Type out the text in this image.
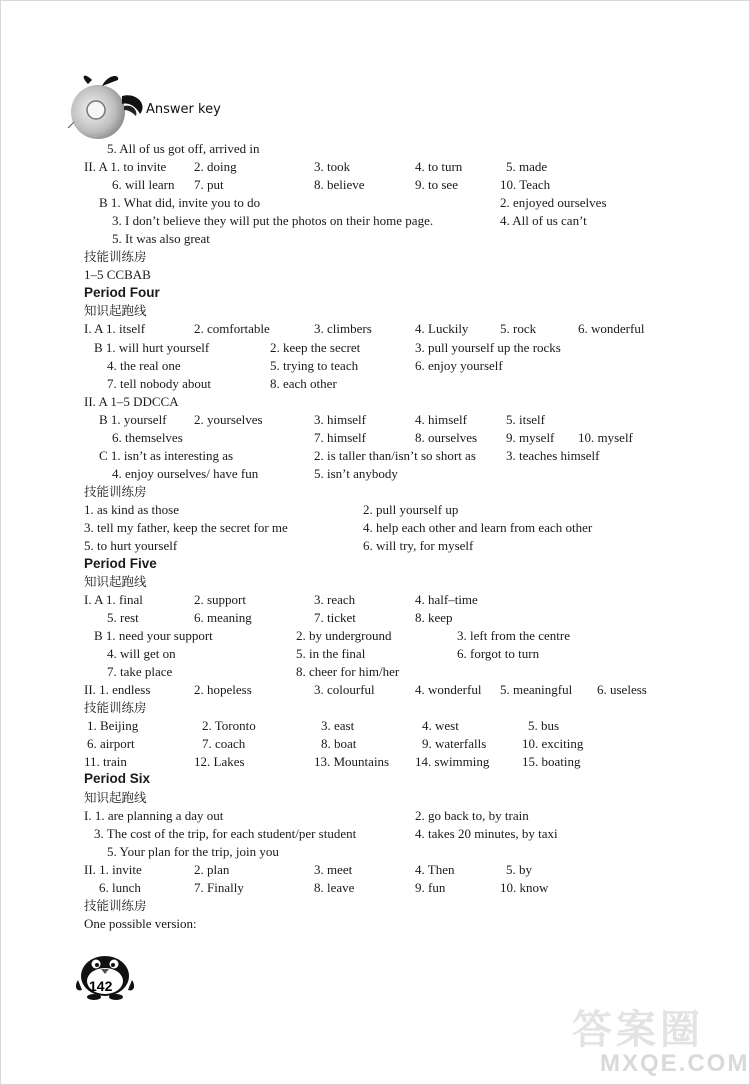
Answer key
5. All of us got off, arrived in
II. A 1. to invite 2. doing	3. took	4. to turn	5. made
6. will learn 7. put	8. believe	9. to see	10. Teach
B 1. What did, invite you to do	2. enjoyed ourselves
3. I don’t believe they will put the photos on their home page.	4. All of us can’t
5. It was also great
技能训练房
1–5 CCBAB
Period Four
知识起跑线
I. A 1. itself	2. comfortable	3. climbers	4. Luckily 5. rock	6. wonderful
B 1. will hurt yourself	2. keep the secret	3. pull yourself up the rocks
4. the real one	5. trying to teach	6. enjoy yourself
7. tell nobody about	8. each other
II. A 1–5 DDCCA
B 1. yourself 2. yourselves	3. himself	4. himself	5. itself
6. themselves	7. himself	8. ourselves 9. myself 10. myself
C 1. isn’t as interesting as	2. is taller than/isn’t so short as 3. teaches himself
4. enjoy ourselves/ have fun	5. isn’t anybody
技能训练房
1. as kind as those	2. pull yourself up
3. tell my father, keep the secret for me	4. help each other and learn from each other
5. to hurt yourself	6. will try, for myself
Period Five
知识起跑线
I. A 1. final	2. support	3. reach	4. half–time
5. rest	6. meaning	7. ticket	8. keep
B 1. need your support	2. by underground	3. left from the centre
4. will get on	5. in the final	6. forgot to turn
7. take place	8. cheer for him/her
II. 1. endless	2. hopeless	3. colourful	4. wonderful 5. meaningful 6. useless
技能训练房
1. Beijing	2. Toronto	3. east	4. west	5. bus
6. airport	7. coach	8. boat	9. waterfalls	10. exciting
11. train	12. Lakes	13. Mountains 14. swimming	15. boating
Period Six
知识起跑线
I. 1. are planning a day out	2. go back to, by train
3. The cost of the trip, for each student/per student	4. takes 20 minutes, by taxi
5. Your plan for the trip, join you
II. 1. invite	2. plan	3. meet	4. Then	5. by
6. lunch	7. Finally	8. leave	9. fun	10. know
技能训练房
One possible version:
142
答案圈
MXQE.COM
